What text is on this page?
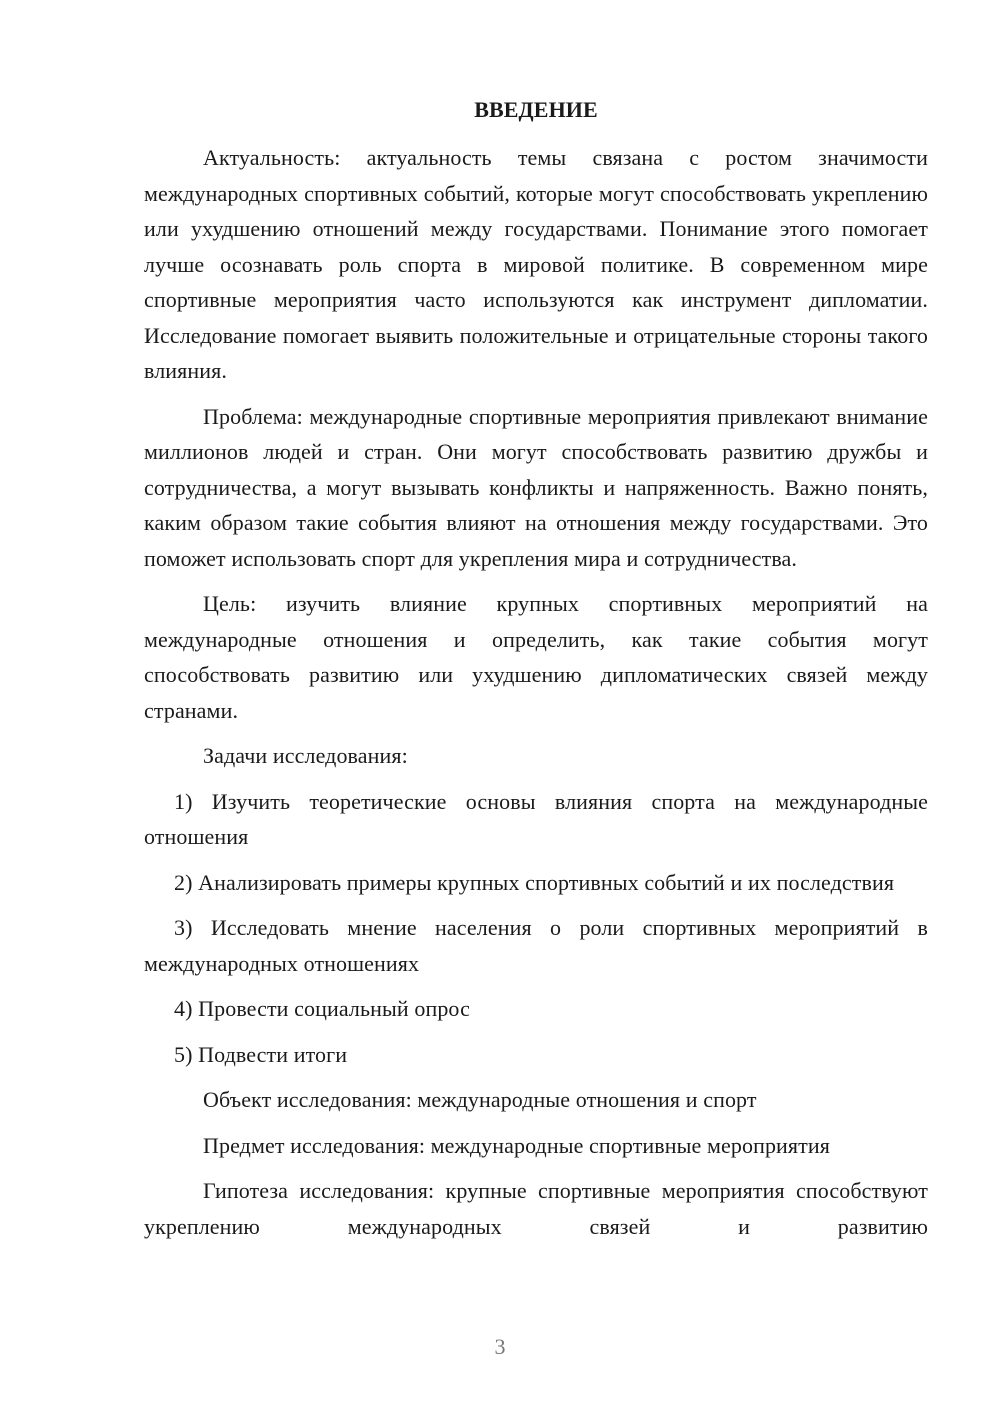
ВВЕДЕНИЕ

Актуальность: актуальность темы связана с ростом значимости международных спортивных событий, которые могут способствовать укреплению или ухудшению отношений между государствами. Понимание этого помогает лучше осознавать роль спорта в мировой политике. В современном мире спортивные мероприятия часто используются как инструмент дипломатии. Исследование помогает выявить положительные и отрицательные стороны такого влияния.

Проблема: международные спортивные мероприятия привлекают внимание миллионов людей и стран. Они могут способствовать развитию дружбы и сотрудничества, а могут вызывать конфликты и напряженность. Важно понять, каким образом такие события влияют на отношения между государствами. Это поможет использовать спорт для укрепления мира и сотрудничества.

Цель: изучить влияние крупных спортивных мероприятий на международные отношения и определить, как такие события могут способствовать развитию или ухудшению дипломатических связей между странами.

Задачи исследования:

1) Изучить теоретические основы влияния спорта на международные отношения

2) Анализировать примеры крупных спортивных событий и их последствия

3) Исследовать мнение населения о роли спортивных мероприятий в международных отношениях

4) Провести социальный опрос

5) Подвести итоги

Объект исследования: международные отношения и спорт

Предмет исследования: международные спортивные мероприятия

Гипотеза исследования: крупные спортивные мероприятия способствуют укреплению международных связей и развитию

3
